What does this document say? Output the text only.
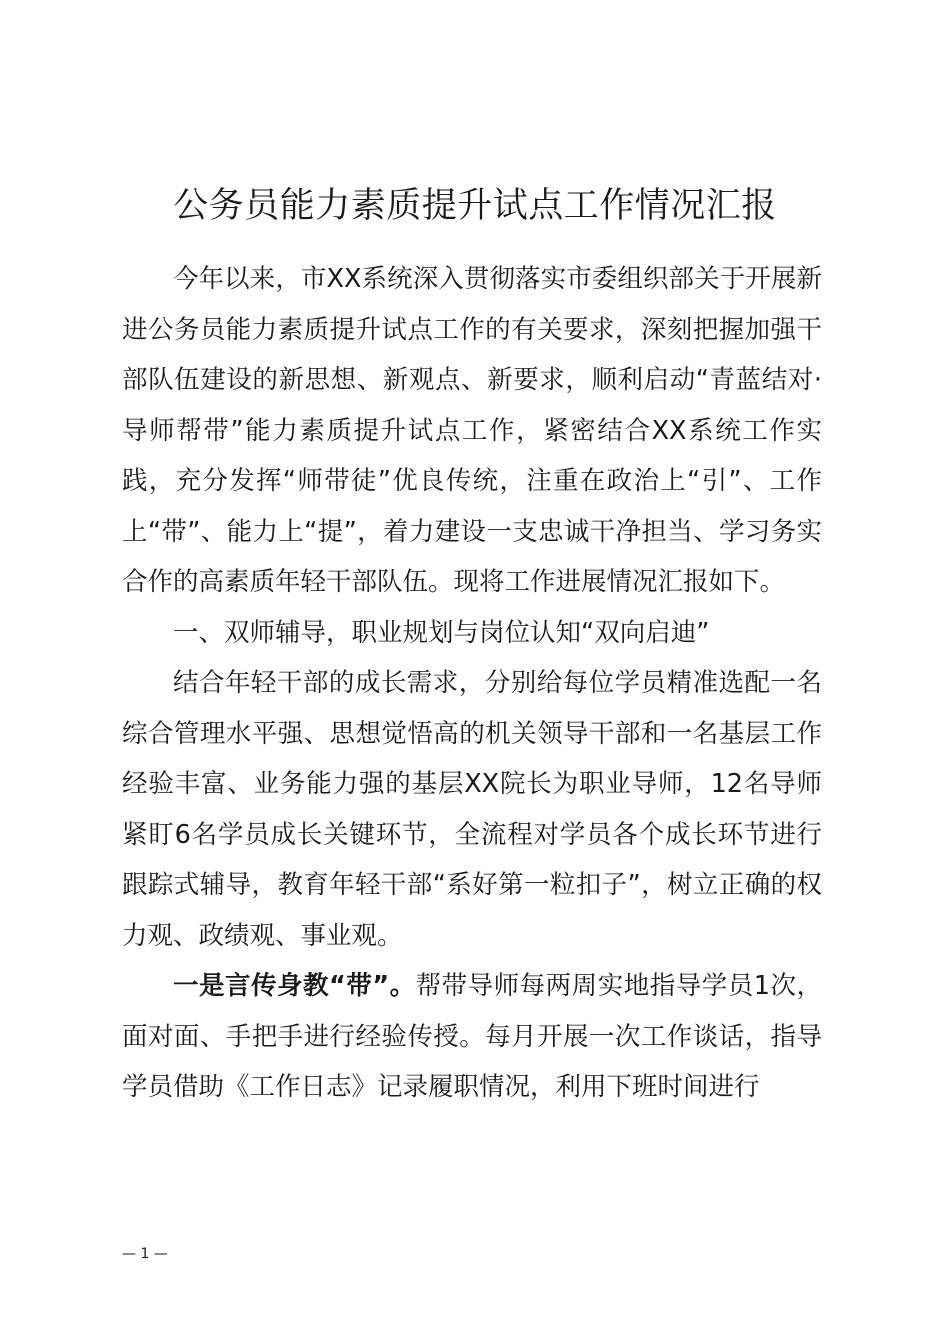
公务员能力素质提升试点工作情况汇报

今年以来，市XX系统深入贯彻落实市委组织部关于开展新进公务员能力素质提升试点工作的有关要求，深刻把握加强干部队伍建设的新思想、新观点、新要求，顺利启动“青蓝结对·导师帮带”能力素质提升试点工作，紧密结合XX系统工作实践，充分发挥“师带徒”优良传统，注重在政治上“引”、工作上“带”、能力上“提”，着力建设一支忠诚干净担当、学习务实合作的高素质年轻干部队伍。现将工作进展情况汇报如下。

一、双师辅导，职业规划与岗位认知“双向启迪”

结合年轻干部的成长需求，分别给每位学员精准选配一名综合管理水平强、思想觉悟高的机关领导干部和一名基层工作经验丰富、业务能力强的基层XX院长为职业导师，12名导师紧盯6名学员成长关键环节，全流程对学员各个成长环节进行跟踪式辅导，教育年轻干部“系好第一粒扣子”，树立正确的权力观、政绩观、事业观。

一是言传身教“带”。帮带导师每两周实地指导学员1次，面对面、手把手进行经验传授。每月开展一次工作谈话，指导学员借助《工作日志》记录履职情况，利用下班时间进行

— 1 —
